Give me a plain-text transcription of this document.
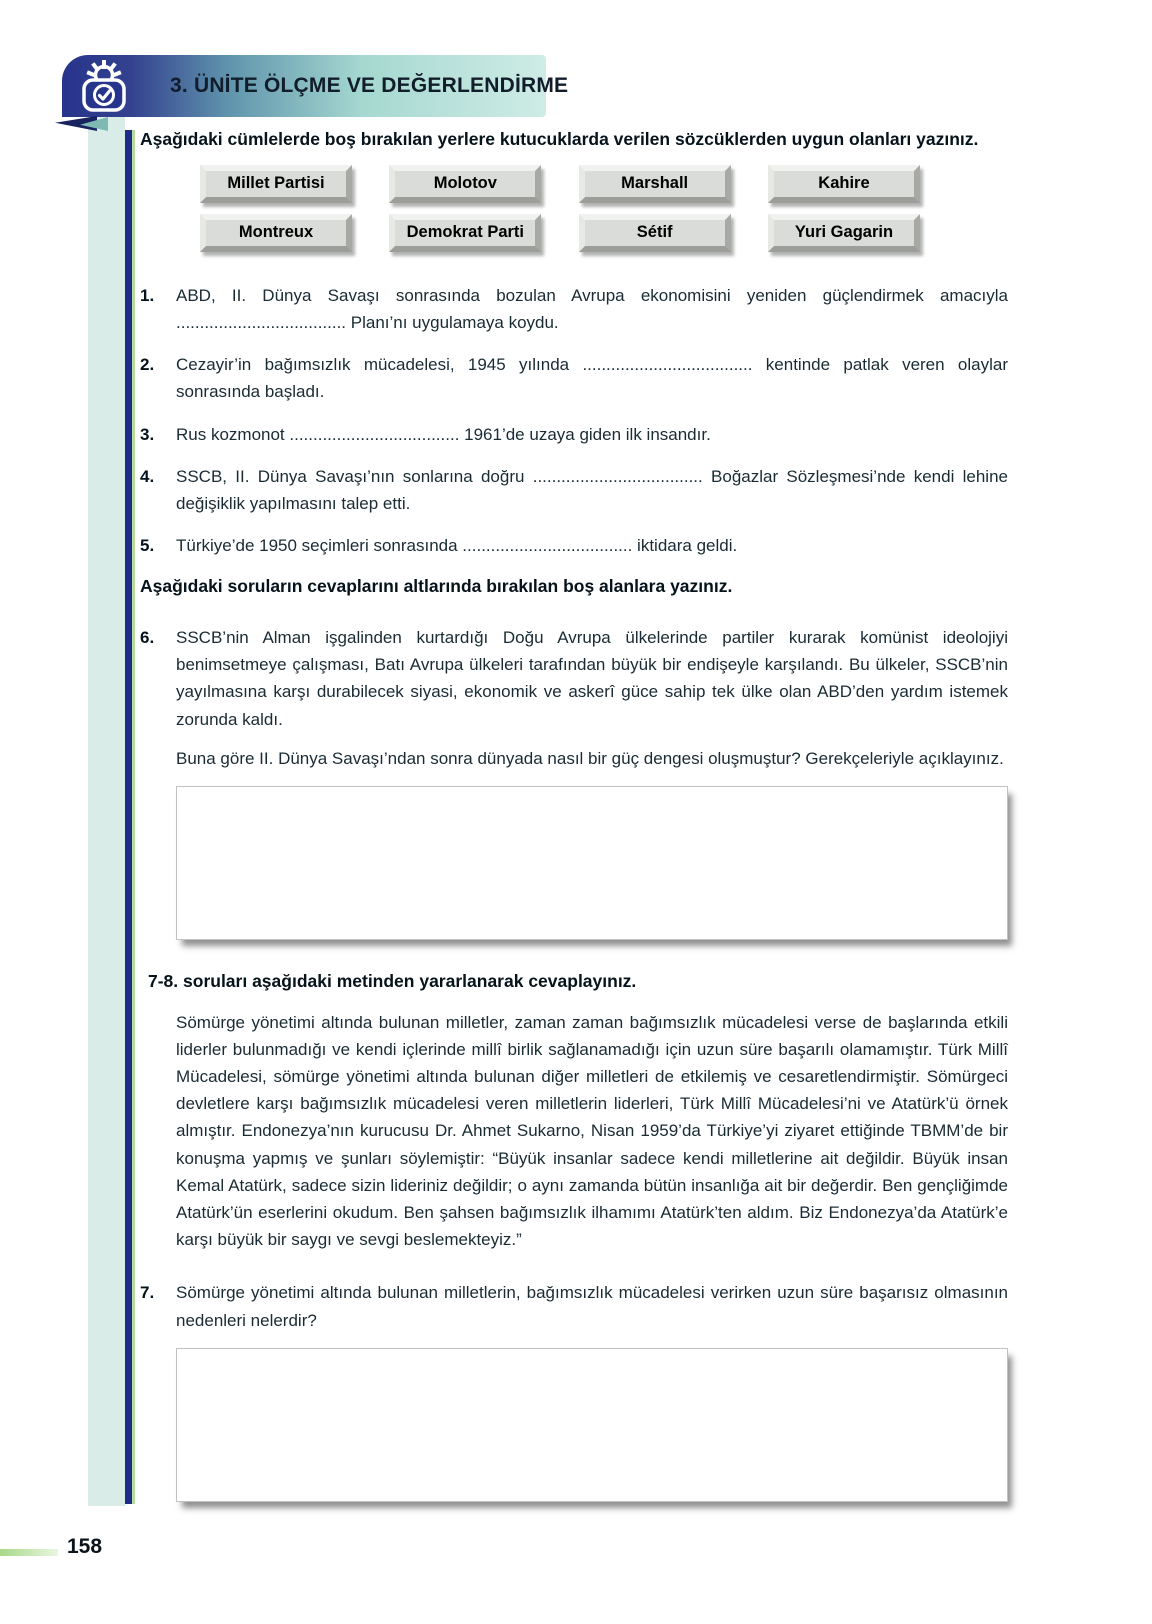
3. ÜNİTE ÖLÇME VE DEĞERLENDİRME
Aşağıdaki cümlelerde boş bırakılan yerlere kutucuklarda verilen sözcüklerden uygun olanları yazınız.
Millet Partisi	Molotov	Marshall	Kahire
Montreux	Demokrat Parti	Sétif	Yuri Gagarin
1.	ABD, II. Dünya Savaşı sonrasında bozulan Avrupa ekonomisini yeniden güçlendirmek amacıyla .................................... Planı’nı uygulamaya koydu.
2.	Cezayir’in bağımsızlık mücadelesi, 1945 yılında .................................... kentinde patlak veren olaylar sonrasında başladı.
3.	Rus kozmonot .................................... 1961’de uzaya giden ilk insandır.
4.	SSCB, II. Dünya Savaşı’nın sonlarına doğru .................................... Boğazlar Sözleşmesi’nde kendi lehine değişiklik yapılmasını talep etti.
5.	Türkiye’de 1950 seçimleri sonrasında .................................... iktidara geldi.
Aşağıdaki soruların cevaplarını altlarında bırakılan boş alanlara yazınız.
6.	SSCB’nin Alman işgalinden kurtardığı Doğu Avrupa ülkelerinde partiler kurarak komünist ideolojiyi benimsetmeye çalışması, Batı Avrupa ülkeleri tarafından büyük bir endişeyle karşılandı. Bu ülkeler, SSCB’nin yayılmasına karşı durabilecek siyasi, ekonomik ve askerî güce sahip tek ülke olan ABD’den yardım istemek zorunda kaldı.
Buna göre II. Dünya Savaşı’ndan sonra dünyada nasıl bir güç dengesi oluşmuştur? Gerekçeleriyle açıklayınız.
7-8. soruları aşağıdaki metinden yararlanarak cevaplayınız.
Sömürge yönetimi altında bulunan milletler, zaman zaman bağımsızlık mücadelesi verse de başlarında etkili liderler bulunmadığı ve kendi içlerinde millî birlik sağlanamadığı için uzun süre başarılı olamamıştır. Türk Millî Mücadelesi, sömürge yönetimi altında bulunan diğer milletleri de etkilemiş ve cesaretlendirmiştir. Sömürgeci devletlere karşı bağımsızlık mücadelesi veren milletlerin liderleri, Türk Millî Mücadelesi’ni ve Atatürk’ü örnek almıştır. Endonezya’nın kurucusu Dr. Ahmet Sukarno, Nisan 1959’da Türkiye’yi ziyaret ettiğinde TBMM’de bir konuşma yapmış ve şunları söylemiştir: “Büyük insanlar sadece kendi milletlerine ait değildir. Büyük insan Kemal Atatürk, sadece sizin lideriniz değildir; o aynı zamanda bütün insanlığa ait bir değerdir. Ben gençliğimde Atatürk’ün eserlerini okudum. Ben şahsen bağımsızlık ilhamımı Atatürk’ten aldım. Biz Endonezya’da Atatürk’e karşı büyük bir saygı ve sevgi beslemekteyiz.”
7.	Sömürge yönetimi altında bulunan milletlerin, bağımsızlık mücadelesi verirken uzun süre başarısız olmasının nedenleri nelerdir?
158
